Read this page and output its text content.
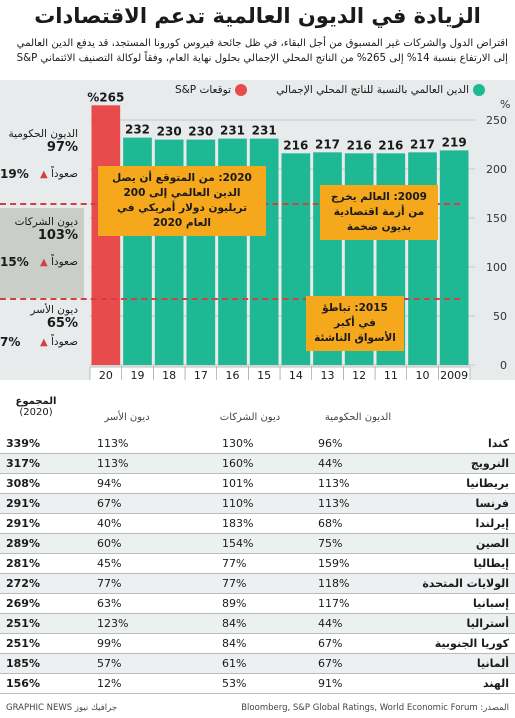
الزيادة في الديون العالمية تدعم الاقتصادات
اقتراض الدول والشركات غير المسبوق من أجل البقاء، في ظل جائحة فيروس كورونا المستجد، قد يدفع الدين العالمي إلى الارتفاع بنسبة 14% إلى 265% من الناتج المحلي الإجمالي بحلول نهاية العام، وفقاً لوكالة التصنيف الائتماني S&P
الدين العالمي بالنسبة للناتج المحلي الإجمالي
توقعات S&P
219
217
216
216
217
216
231
231
230
230
232
%265
2009
10
11
12
13
14
15
16
17
18
19
20
0
50
100
150
200
250
%
الديون الحكومية
97%
صعوداً ▲
19%
ديون الشركات
103%
صعوداً ▲
15%
ديون الأسر
65%
صعوداً ▲
7%
2020: من المتوقع أن يصل الدين العالمي إلى 200 تريليون دولار أمريكي في العام 2020
2009: العالم يخرج من أزمة اقتصادية بديون ضخمة
2015: تباطؤ في أكبر الأسواق الناشئة
الديون الحكومية
ديون الشركات
ديون الأسر
المجموع
(2020)
كندا
96%
130%
113%
339%
النرويج
44%
160%
113%
317%
بريطانيا
113%
101%
94%
308%
فرنسا
113%
110%
67%
291%
إيرلندا
68%
183%
40%
291%
الصين
75%
154%
60%
289%
إيطاليا
159%
77%
45%
281%
الولايات المتحدة
118%
77%
77%
272%
إسبانيا
117%
89%
63%
269%
أستراليا
44%
84%
123%
251%
كوريا الجنوبية
67%
84%
99%
251%
ألمانيا
67%
61%
57%
185%
الهند
91%
53%
12%
156%
المصدر: Bloomberg, S&P Global Ratings, World Economic Forum
GRAPHIC NEWS جرافيك نيوز
